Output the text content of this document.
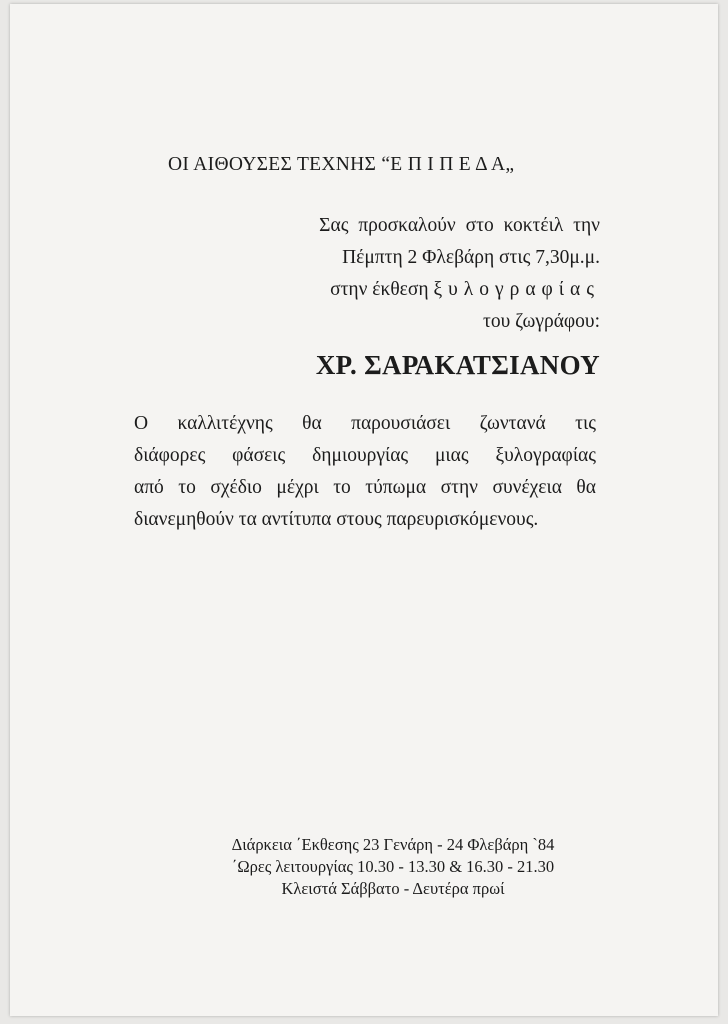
ΟΙ ΑΙΘΟΥΣΕΣ ΤΕΧΝΗΣ “Ε Π Ι Π Ε Δ Α„

Σας προσκαλούν στο κοκτέιλ την
Πέμπτη 2 Φλεβάρη στις 7,30μ.μ.
στην έκθεση ξυλογραφίας
του ζωγράφου:

ΧΡ. ΣΑΡΑΚΑΤΣΙΑΝΟΥ

Ο καλλιτέχνης θα παρουσιάσει ζωντανά τις
διάφορες φάσεις δημιουργίας μιας ξυλογραφίας
από το σχέδιο μέχρι το τύπωμα στην συνέχεια θα
διανεμηθούν τα αντίτυπα στους παρευρισκόμενους.
Διάρκεια ΄Εκθεσης 23 Γενάρη - 24 Φλεβάρη `84
΄Ωρες λειτουργίας 10.30 - 13.30 & 16.30 - 21.30
Κλειστά Σάββατο - Δευτέρα πρωί
